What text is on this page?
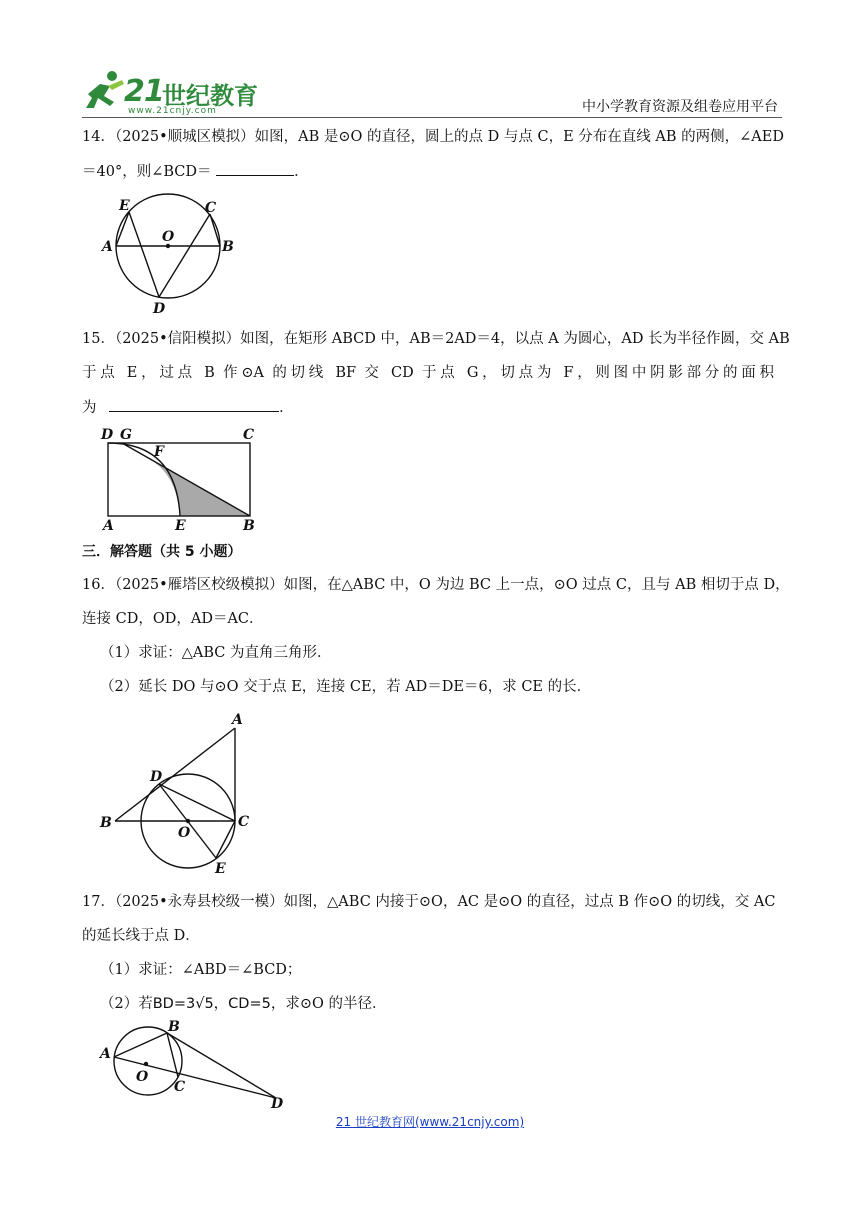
21
世纪教育
www.21cnjy.com	中小学教育资源及组卷应用平台
14．（2025•顺城区模拟）如图，AB 是⊙O 的直径，圆上的点 D 与点 C，E 分布在直线 AB 的两侧，∠AED
＝40°，则∠BCD＝	．
E	C
O
A	B
D
15．（2025•信阳模拟）如图，在矩形 ABCD 中，AB＝2AD＝4，以点 A 为圆心，AD 长为半径作圆，交 AB
于点 E，过点 B 作⊙A 的切线 BF 交 CD 于点 G，切点为 F，则图中阴影部分的面积
为	．
D G	C
F
A	E	B
三．解答题（共 5 小题）
16．（2025•雁塔区校级模拟）如图，在△ABC 中，O 为边 BC 上一点，⊙O 过点 C，且与 AB 相切于点 D，
连接 CD，OD，AD＝AC．
（1）求证：△ABC 为直角三角形．
（2）延长 DO 与⊙O 交于点 E，连接 CE，若 AD＝DE＝6，求 CE 的长．
A
D
B
O
C
E
17．（2025•永寿县校级一模）如图，△ABC 内接于⊙O，AC 是⊙O 的直径，过点 B 作⊙O 的切线，交 AC
的延长线于点 D．
（1）求证：∠ABD＝∠BCD；
（2）若BD=3√5，CD=5，求⊙O 的半径．
A
B
O
C
D
21 世纪教育网(www.21cnjy.com)
